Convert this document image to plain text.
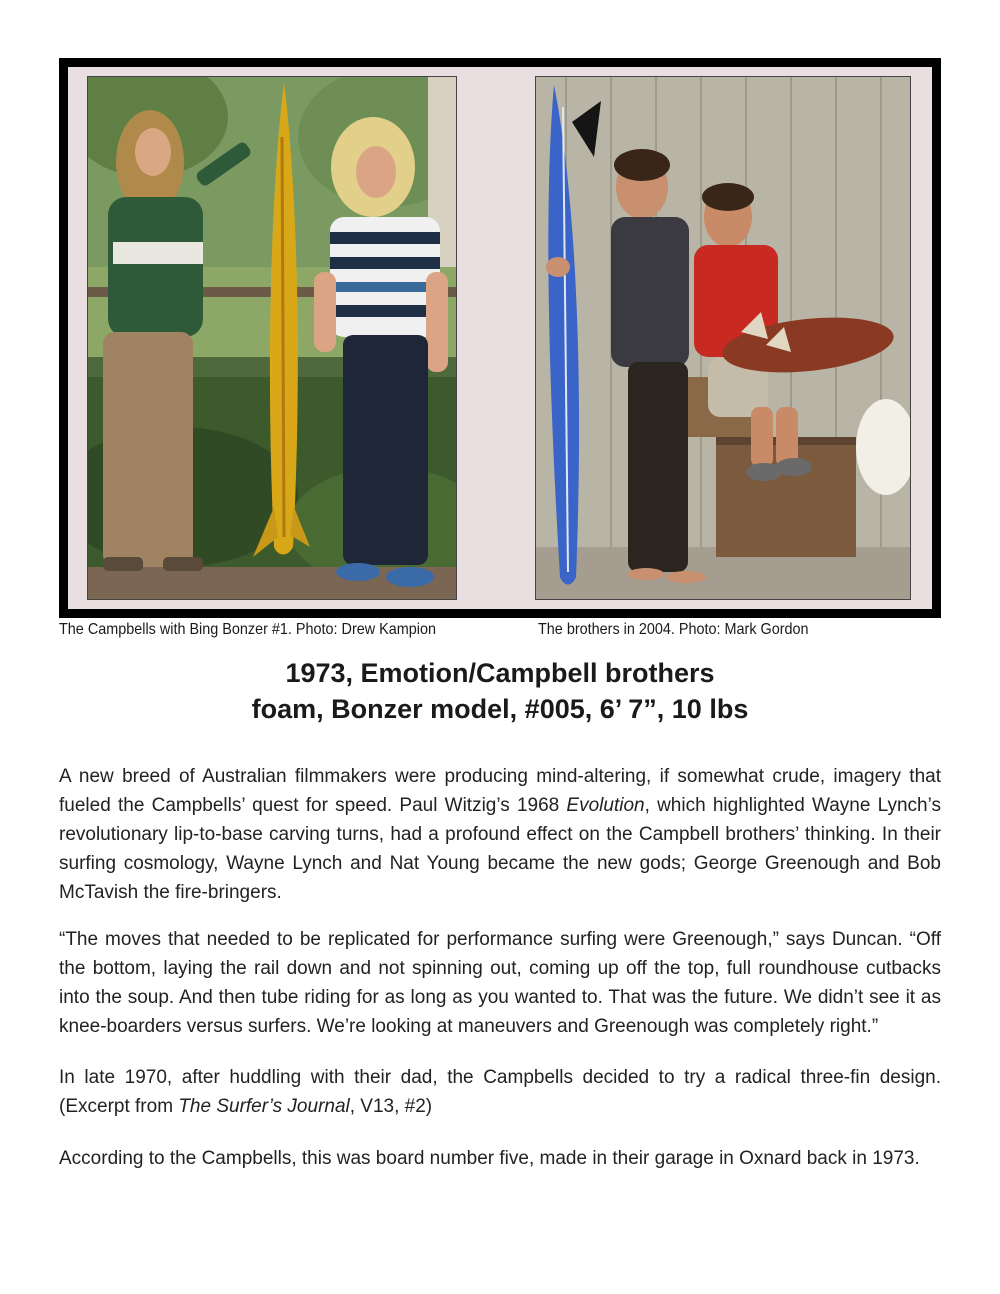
The Campbells with Bing Bonzer #1. Photo: Drew Kampion	The brothers in 2004. Photo: Mark Gordon
1973, Emotion/Campbell brothers
foam, Bonzer model, #005, 6’ 7”, 10 lbs

A new breed of Australian filmmakers were producing mind-altering, if somewhat crude, imagery that fueled the Campbells’ quest for speed. Paul Witzig’s 1968 Evolution, which highlighted Wayne Lynch’s revolutionary lip-to-base carving turns, had a profound effect on the Campbell brothers’ thinking. In their surfing cosmology, Wayne Lynch and Nat Young became the new gods; George Greenough and Bob McTavish the fire-bringers.

“The moves that needed to be replicated for performance surfing were Greenough,” says Duncan. “Off the bottom, laying the rail down and not spinning out, coming up off the top, full roundhouse cutbacks into the soup. And then tube riding for as long as you wanted to. That was the future. We didn’t see it as knee-boarders versus surfers. We’re looking at maneuvers and Greenough was completely right.”

In late 1970, after huddling with their dad, the Campbells decided to try a radical three-fin design. (Excerpt from The Surfer’s Journal, V13, #2)

According to the Campbells, this was board number five, made in their garage in Oxnard back in 1973.
